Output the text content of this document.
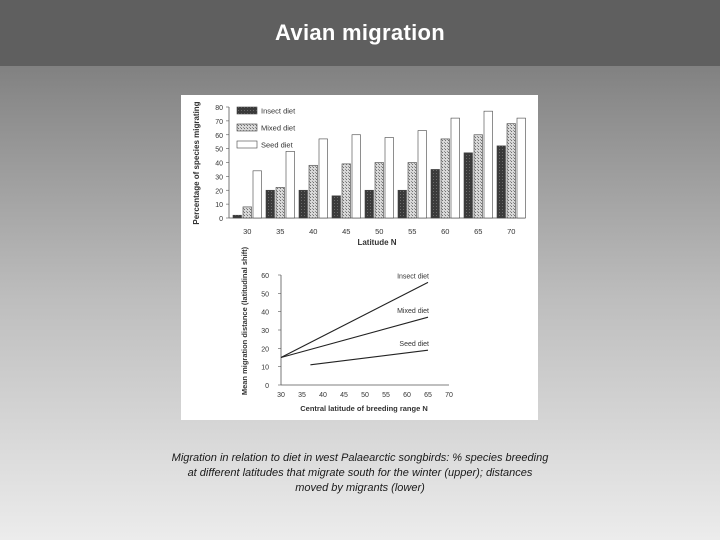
Avian migration
Percentage of species migrating	0
10
20
30
40
50
60
70
80
30	35	40	45	50	55	60	65	70
Insect diet
Mixed diet
Seed diet
Latitude N
Mean migration distance (latitudinal shift) 0
10
20
30
40
50
60
30 35 40 45 50 55 60 65 70
Insect diet
Mixed diet
Seed diet
Central latitude of breeding range N
Migration in relation to diet in west Palaearctic songbirds: % species breeding at different latitudes that migrate south for the winter (upper); distances moved by migrants (lower)
